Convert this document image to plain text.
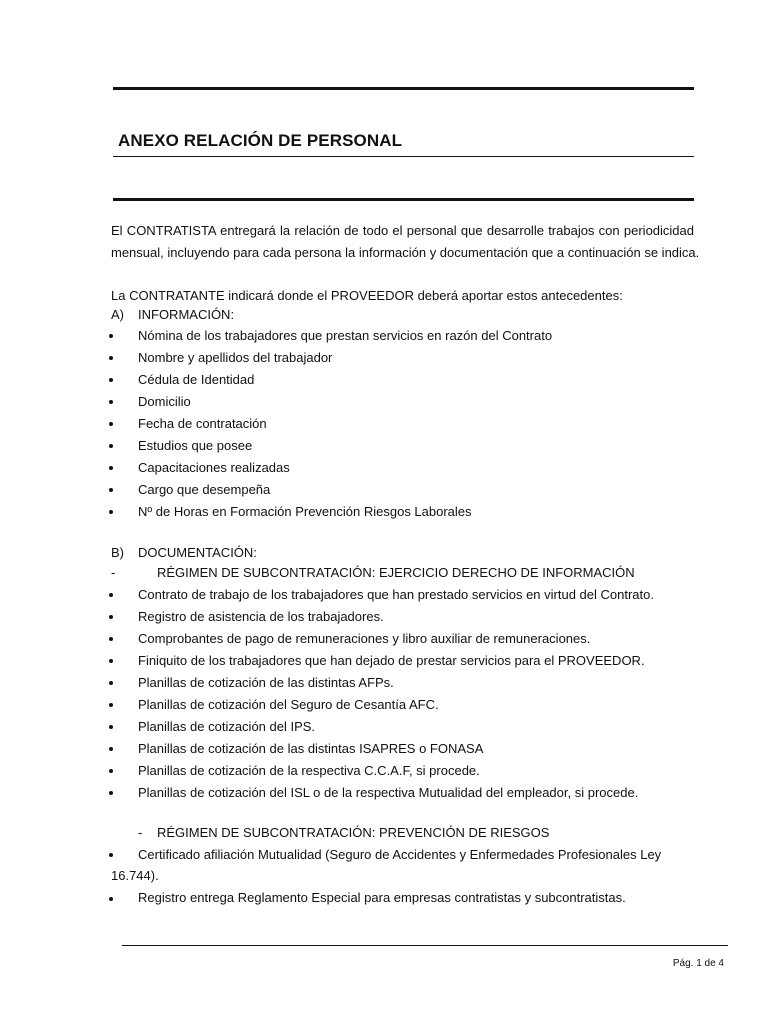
ANEXO RELACIÓN DE PERSONAL
El CONTRATISTA entregará la relación de todo el personal que desarrolle trabajos con periodicidad
mensual, incluyendo para cada persona la información y documentación que a continuación se indica.
La CONTRATANTE indicará donde el PROVEEDOR deberá aportar estos antecedentes:
A) INFORMACIÓN:
Nómina de los trabajadores que prestan servicios en razón del Contrato
Nombre y apellidos del trabajador
Cédula de Identidad
Domicilio
Fecha de contratación
Estudios que posee
Capacitaciones realizadas
Cargo que desempeña
Nº de Horas en Formación Prevención Riesgos Laborales
B) DOCUMENTACIÓN:
-	RÉGIMEN DE SUBCONTRATACIÓN: EJERCICIO DERECHO DE INFORMACIÓN
Contrato de trabajo de los trabajadores que han prestado servicios en virtud del Contrato.
Registro de asistencia de los trabajadores.
Comprobantes de pago de remuneraciones y libro auxiliar de remuneraciones.
Finiquito de los trabajadores que han dejado de prestar servicios para el PROVEEDOR.
Planillas de cotización de las distintas AFPs.
Planillas de cotización del Seguro de Cesantía AFC.
Planillas de cotización del IPS.
Planillas de cotización de las distintas ISAPRES o FONASA
Planillas de cotización de la respectiva C.C.A.F, si procede.
Planillas de cotización del ISL o de la respectiva Mutualidad del empleador, si procede.
- RÉGIMEN DE SUBCONTRATACIÓN: PREVENCIÓN DE RIESGOS
Certificado afiliación Mutualidad (Seguro de Accidentes y Enfermedades Profesionales Ley
16.744).
Registro entrega Reglamento Especial para empresas contratistas y subcontratistas.
Pág. 1 de 4
